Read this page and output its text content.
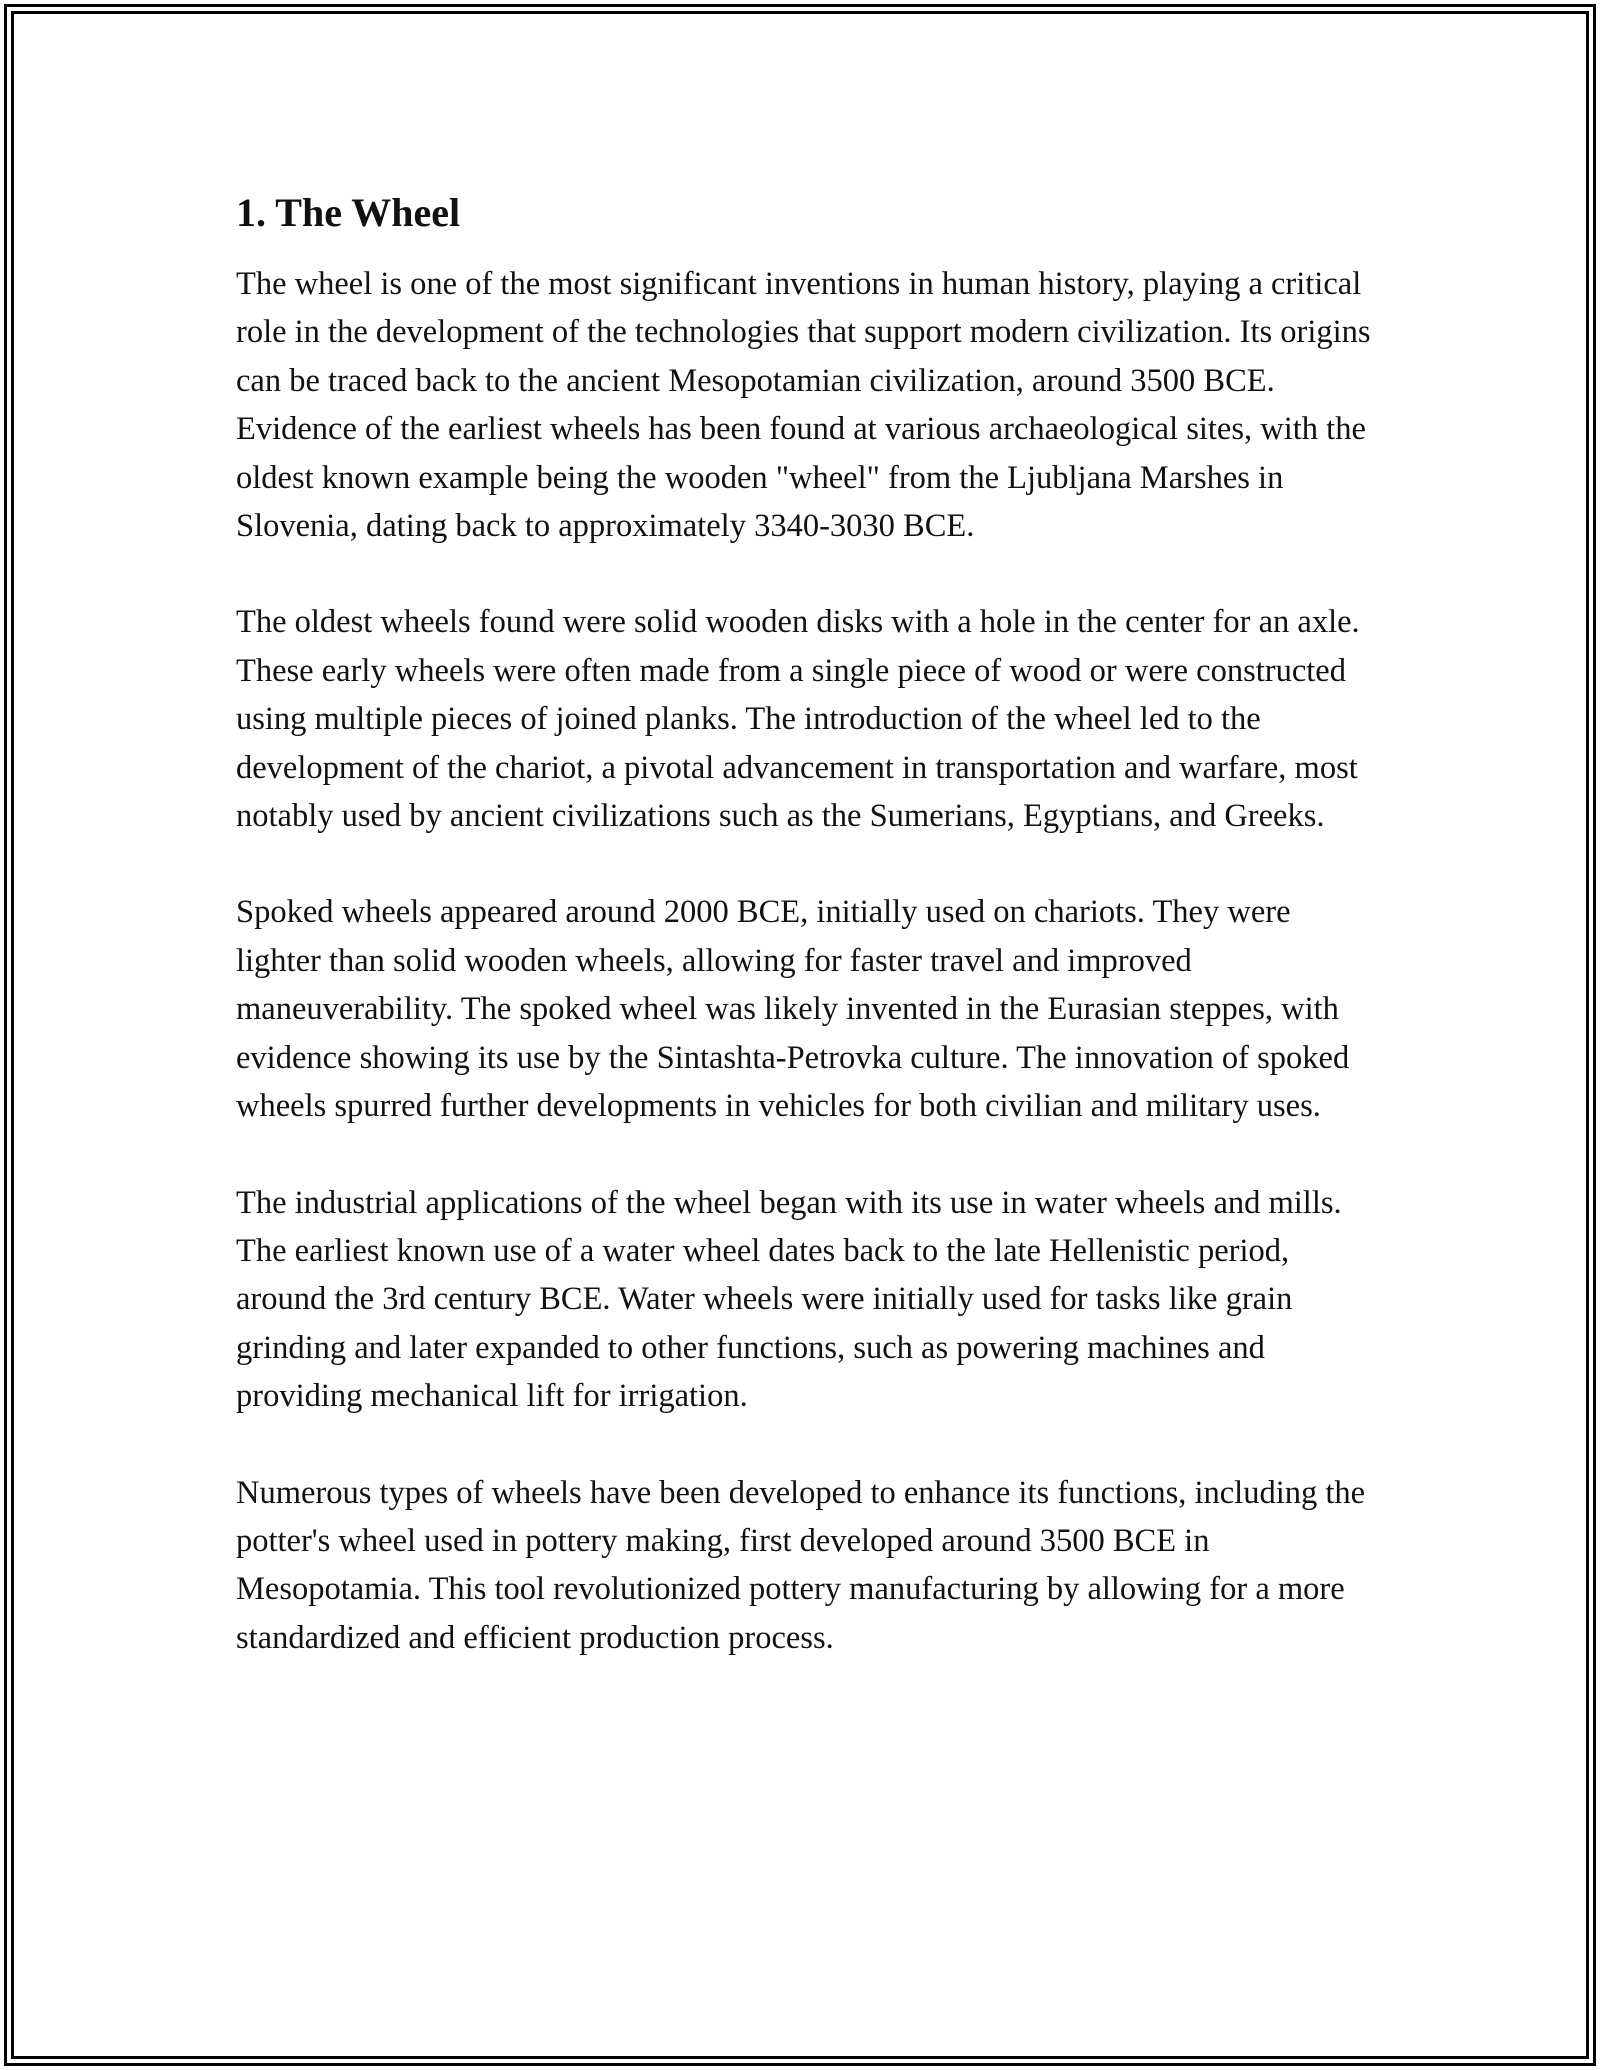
1. The Wheel

The wheel is one of the most significant inventions in human history, playing a critical role in the development of the technologies that support modern civilization. Its origins can be traced back to the ancient Mesopotamian civilization, around 3500 BCE. Evidence of the earliest wheels has been found at various archaeological sites, with the oldest known example being the wooden "wheel" from the Ljubljana Marshes in Slovenia, dating back to approximately 3340-3030 BCE.

The oldest wheels found were solid wooden disks with a hole in the center for an axle. These early wheels were often made from a single piece of wood or were constructed using multiple pieces of joined planks. The introduction of the wheel led to the development of the chariot, a pivotal advancement in transportation and warfare, most notably used by ancient civilizations such as the Sumerians, Egyptians, and Greeks.

Spoked wheels appeared around 2000 BCE, initially used on chariots. They were lighter than solid wooden wheels, allowing for faster travel and improved maneuverability. The spoked wheel was likely invented in the Eurasian steppes, with evidence showing its use by the Sintashta-Petrovka culture. The innovation of spoked wheels spurred further developments in vehicles for both civilian and military uses.

The industrial applications of the wheel began with its use in water wheels and mills. The earliest known use of a water wheel dates back to the late Hellenistic period, around the 3rd century BCE. Water wheels were initially used for tasks like grain grinding and later expanded to other functions, such as powering machines and providing mechanical lift for irrigation.

Numerous types of wheels have been developed to enhance its functions, including the potter's wheel used in pottery making, first developed around 3500 BCE in Mesopotamia. This tool revolutionized pottery manufacturing by allowing for a more standardized and efficient production process.
